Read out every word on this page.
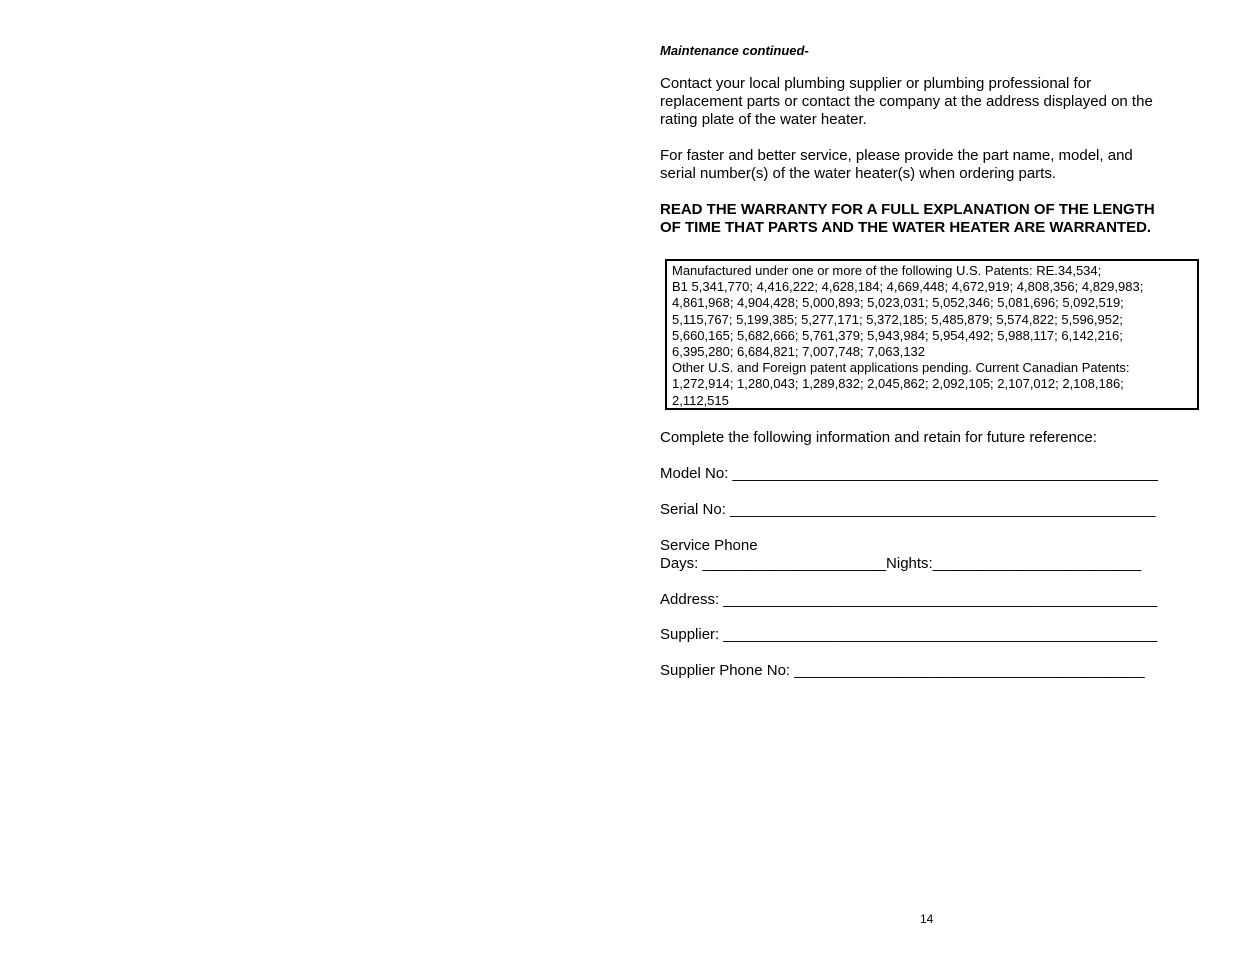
Maintenance continued-
Contact your local plumbing supplier or plumbing professional for
replacement parts or contact the company at the address displayed on the
rating plate of the water heater.
For faster and better service, please provide the part name, model, and
serial number(s) of the water heater(s) when ordering parts.
READ THE WARRANTY FOR A FULL EXPLANATION OF THE LENGTH
OF TIME THAT PARTS AND THE WATER HEATER ARE WARRANTED.
Manufactured under one or more of the following U.S. Patents: RE.34,534;
B1 5,341,770; 4,416,222; 4,628,184; 4,669,448; 4,672,919; 4,808,356; 4,829,983;
4,861,968; 4,904,428; 5,000,893; 5,023,031; 5,052,346; 5,081,696; 5,092,519;
5,115,767; 5,199,385; 5,277,171; 5,372,185; 5,485,879; 5,574,822; 5,596,952;
5,660,165; 5,682,666; 5,761,379; 5,943,984; 5,954,492; 5,988,117; 6,142,216;
6,395,280; 6,684,821; 7,007,748; 7,063,132
Other U.S. and Foreign patent applications pending. Current Canadian Patents:
1,272,914; 1,280,043; 1,289,832; 2,045,862; 2,092,105; 2,107,012; 2,108,186;
2,112,515
Complete the following information and retain for future reference:
Model No: ___________________________________________________
Serial No: ___________________________________________________
Service Phone
Days: ______________________Nights:_________________________
Address: ____________________________________________________
Supplier: ____________________________________________________
Supplier Phone No: __________________________________________
14
